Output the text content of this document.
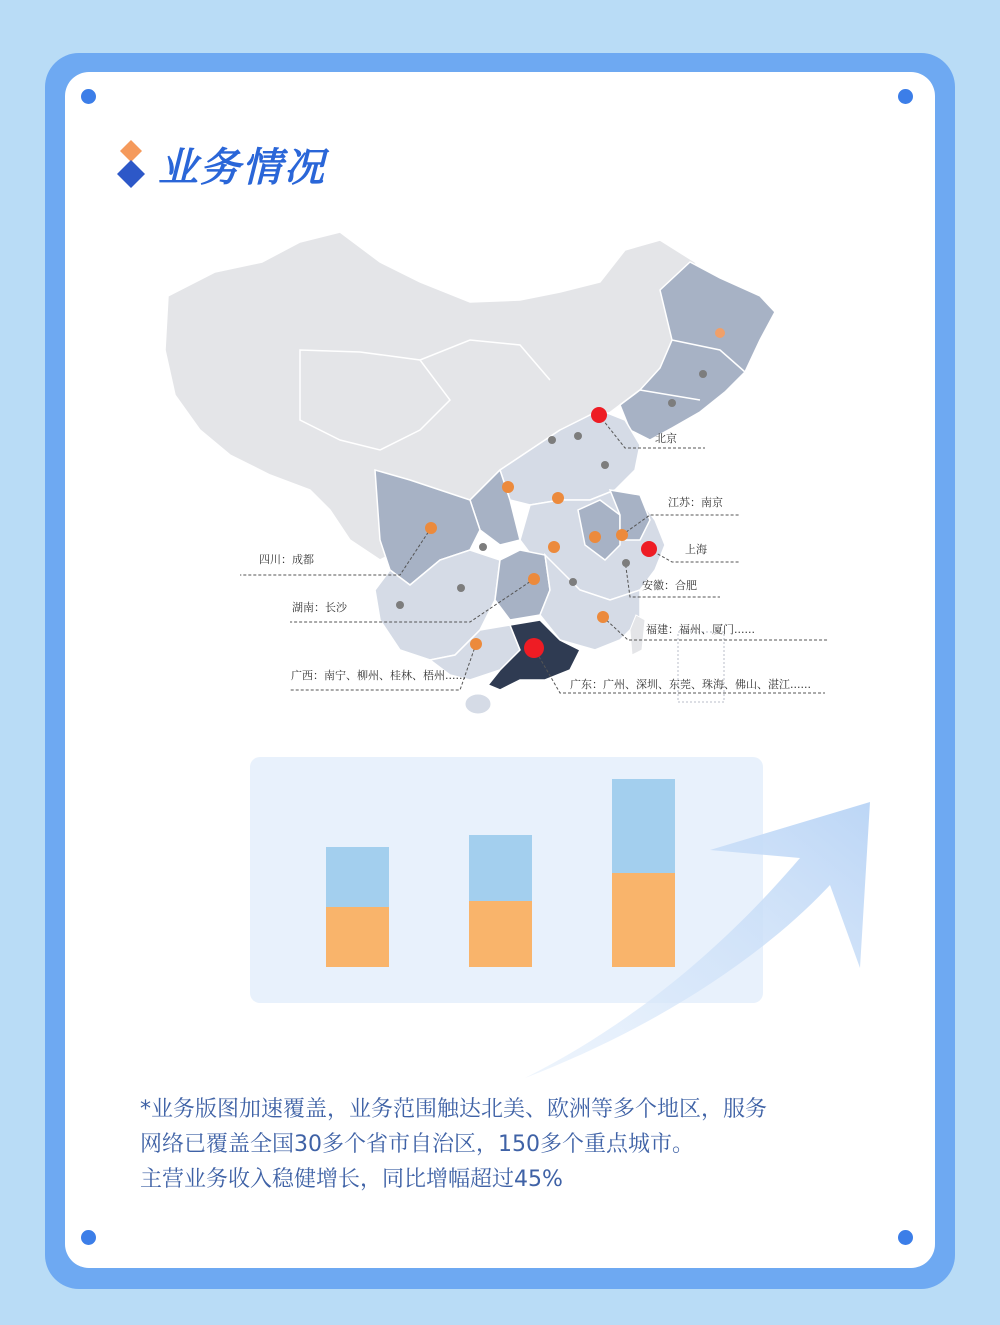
业务情况
北京
江苏：南京
上海
安徽：合肥
福建：福州、厦门......
广东：广州、深圳、东莞、珠海、佛山、湛江......
广西：南宁、柳州、桂林、梧州......
湖南：长沙
四川：成都
*业务版图加速覆盖，业务范围触达北美、欧洲等多个地区，服务
网络已覆盖全国30多个省市自治区，150多个重点城市。
主营业务收入稳健增长，同比增幅超过45%
